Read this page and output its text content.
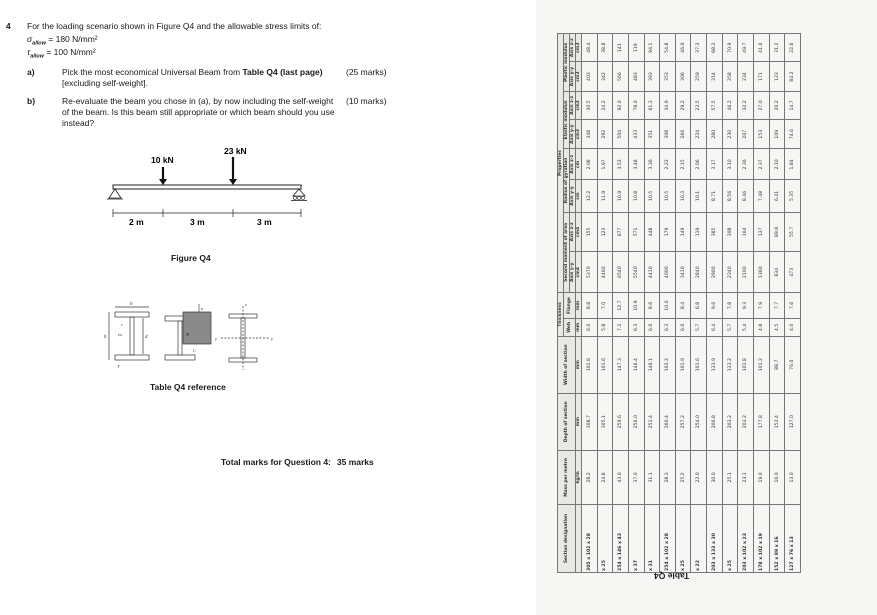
4 For the loading scenario shown in Figure Q4 and the allowable stress limits of:
$\sigma_{allow} = 180$ N/mm²
$\tau_{allow} = 100$ N/mm²
a)	Pick the most economical Universal Beam from Table Q4 (last page)
[excluding self-weight].
(25 marks)
b)	Re-evaluate the beam you chose in (a), by now including the self-weight
of the beam. Is this beam still appropriate or which beam should you use
instead?
(10 marks)
10 kN
23 kN
2 m	3 m	3 m
Figure Q4
b
h	d
tw
r
T
n
N
C
y	y
z
Table Q4 reference
Total marks for Question 4: 35 marks
Section designation	Mass per metre	Depth of section	Width of section	Thickness		Properties							
				Web	Flange	Second moment of area		Radius of gyration		Elastic modulus		Plastic modulus	
						Axis y-y	Axis z-z	Axis y-y	Axis z-z	Axis y-y	Axis z-z	Axis y-y	Axis z-z
	kg/m	mm	mm	mm	mm	cm4	cm4	cm	cm	cm3	cm3	cm3	cm3
305 x 102 x 28	28.2	308.7	101.8	6.0	8.8	5370	155	12.2	2.08	348	30.5	403	48.4
x 25	24.8	305.1	101.6	5.8	7.0	4460	123	11.9	1.97	292	24.2	342	38.8
254 x 146 x 43	43.0	259.6	147.3	7.2	12.7	6540	677	10.9	3.52	504	92.0	566	141
x 37	37.0	256.0	146.4	6.3	10.9	5540	571	10.8	3.48	433	78.0	483	119
x 31	31.1	251.4	146.1	6.0	8.6	4410	448	10.5	3.36	351	61.3	393	94.1
254 x 102 x 28	28.3	260.4	102.2	6.3	10.0	4000	179	10.5	2.22	308	34.9	353	54.8
x 25	25.2	257.2	101.9	6.0	8.4	3410	149	10.3	2.15	266	29.2	306	46.0
x 22	22.0	254.0	101.6	5.7	6.8	2840	119	10.1	2.06	224	23.5	259	37.3
203 x 133 x 30	30.0	206.8	133.9	6.4	9.6	2900	385	8.71	3.17	280	57.5	314	88.2
x 25	25.1	203.2	133.2	5.7	7.8	2340	308	8.56	3.10	230	46.2	258	70.9
203 x 102 x 23	23.1	203.2	101.8	5.4	9.3	2100	164	8.46	2.36	207	32.2	234	49.7
178 x 102 x 19	19.0	177.8	101.2	4.8	7.9	1360	137	7.48	2.37	153	27.0	171	41.6
152 x 89 x 16	16.0	152.4	88.7	4.5	7.7	834	89.8	6.41	2.10	109	20.2	123	31.2
127 x 76 x 13	13.0	127.0	76.0	4.0	7.6	473	55.7	5.35	1.84	74.6	14.7	84.2	22.6
Table Q4
